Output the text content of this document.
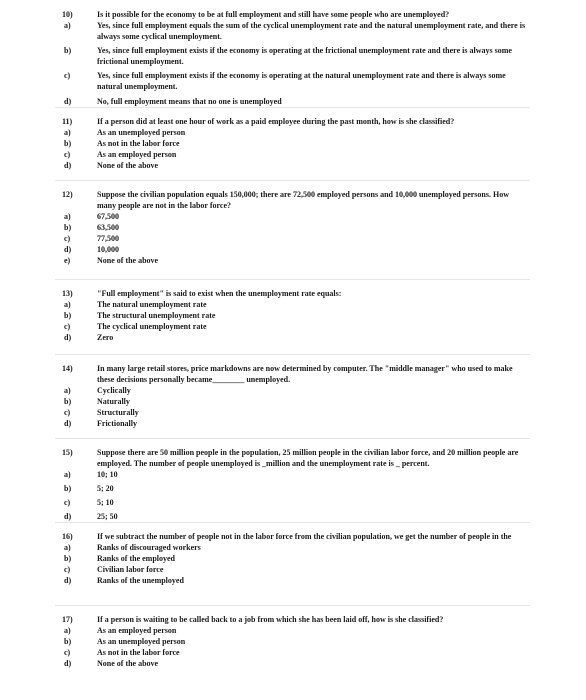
10)	Is it possible for the economy to be at full employment and still have some people who are unemployed?
a)	Yes, since full employment equals the sum of the cyclical unemployment rate and the natural unemployment rate, and there is always some cyclical unemployment.
b)	Yes, since full employment exists if the economy is operating at the frictional unemployment rate and there is always some frictional unemployment.
c)	Yes, since full employment exists if the economy is operating at the natural unemployment rate and there is always some natural unemployment.
d)	No, full employment means that no one is unemployed
11)	If a person did at least one hour of work as a paid employee during the past month, how is she classified?
a)	As an unemployed person
b)	As not in the labor force
c)	As an employed person
d)	None of the above
12)	Suppose the civilian population equals 150,000; there are 72,500 employed persons and 10,000 unemployed persons. How many people are not in the labor force?
a)	67,500
b)	63,500
c)	77,500
d)	10,000
e)	None of the above
13)	"Full employment" is said to exist when the unemployment rate equals:
a)	The natural unemployment rate
b)	The structural unemployment rate
c)	The cyclical unemployment rate
d)	Zero
14)	In many large retail stores, price markdowns are now determined by computer. The "middle manager" who used to make these decisions personally became________ unemployed.
a)	Cyclically
b)	Naturally
c)	Structurally
d)	Frictionally
15)	Suppose there are 50 million people in the population, 25 million people in the civilian labor force, and 20 million people are employed. The number of people unemployed is _million and the unemployment rate is _ percent.
a)	10; 10
b)	5; 20
c)	5; 10
d)	25; 50
16)	If we subtract the number of people not in the labor force from the civilian population, we get the number of people in the
a)	Ranks of discouraged workers
b)	Ranks of the employed
c)	Civilian labor force
d)	Ranks of the unemployed
17)	If a person is waiting to be called back to a job from which she has been laid off, how is she classified?
a)	As an employed person
b)	As an unemployed person
c)	As not in the labor force
d)	None of the above
